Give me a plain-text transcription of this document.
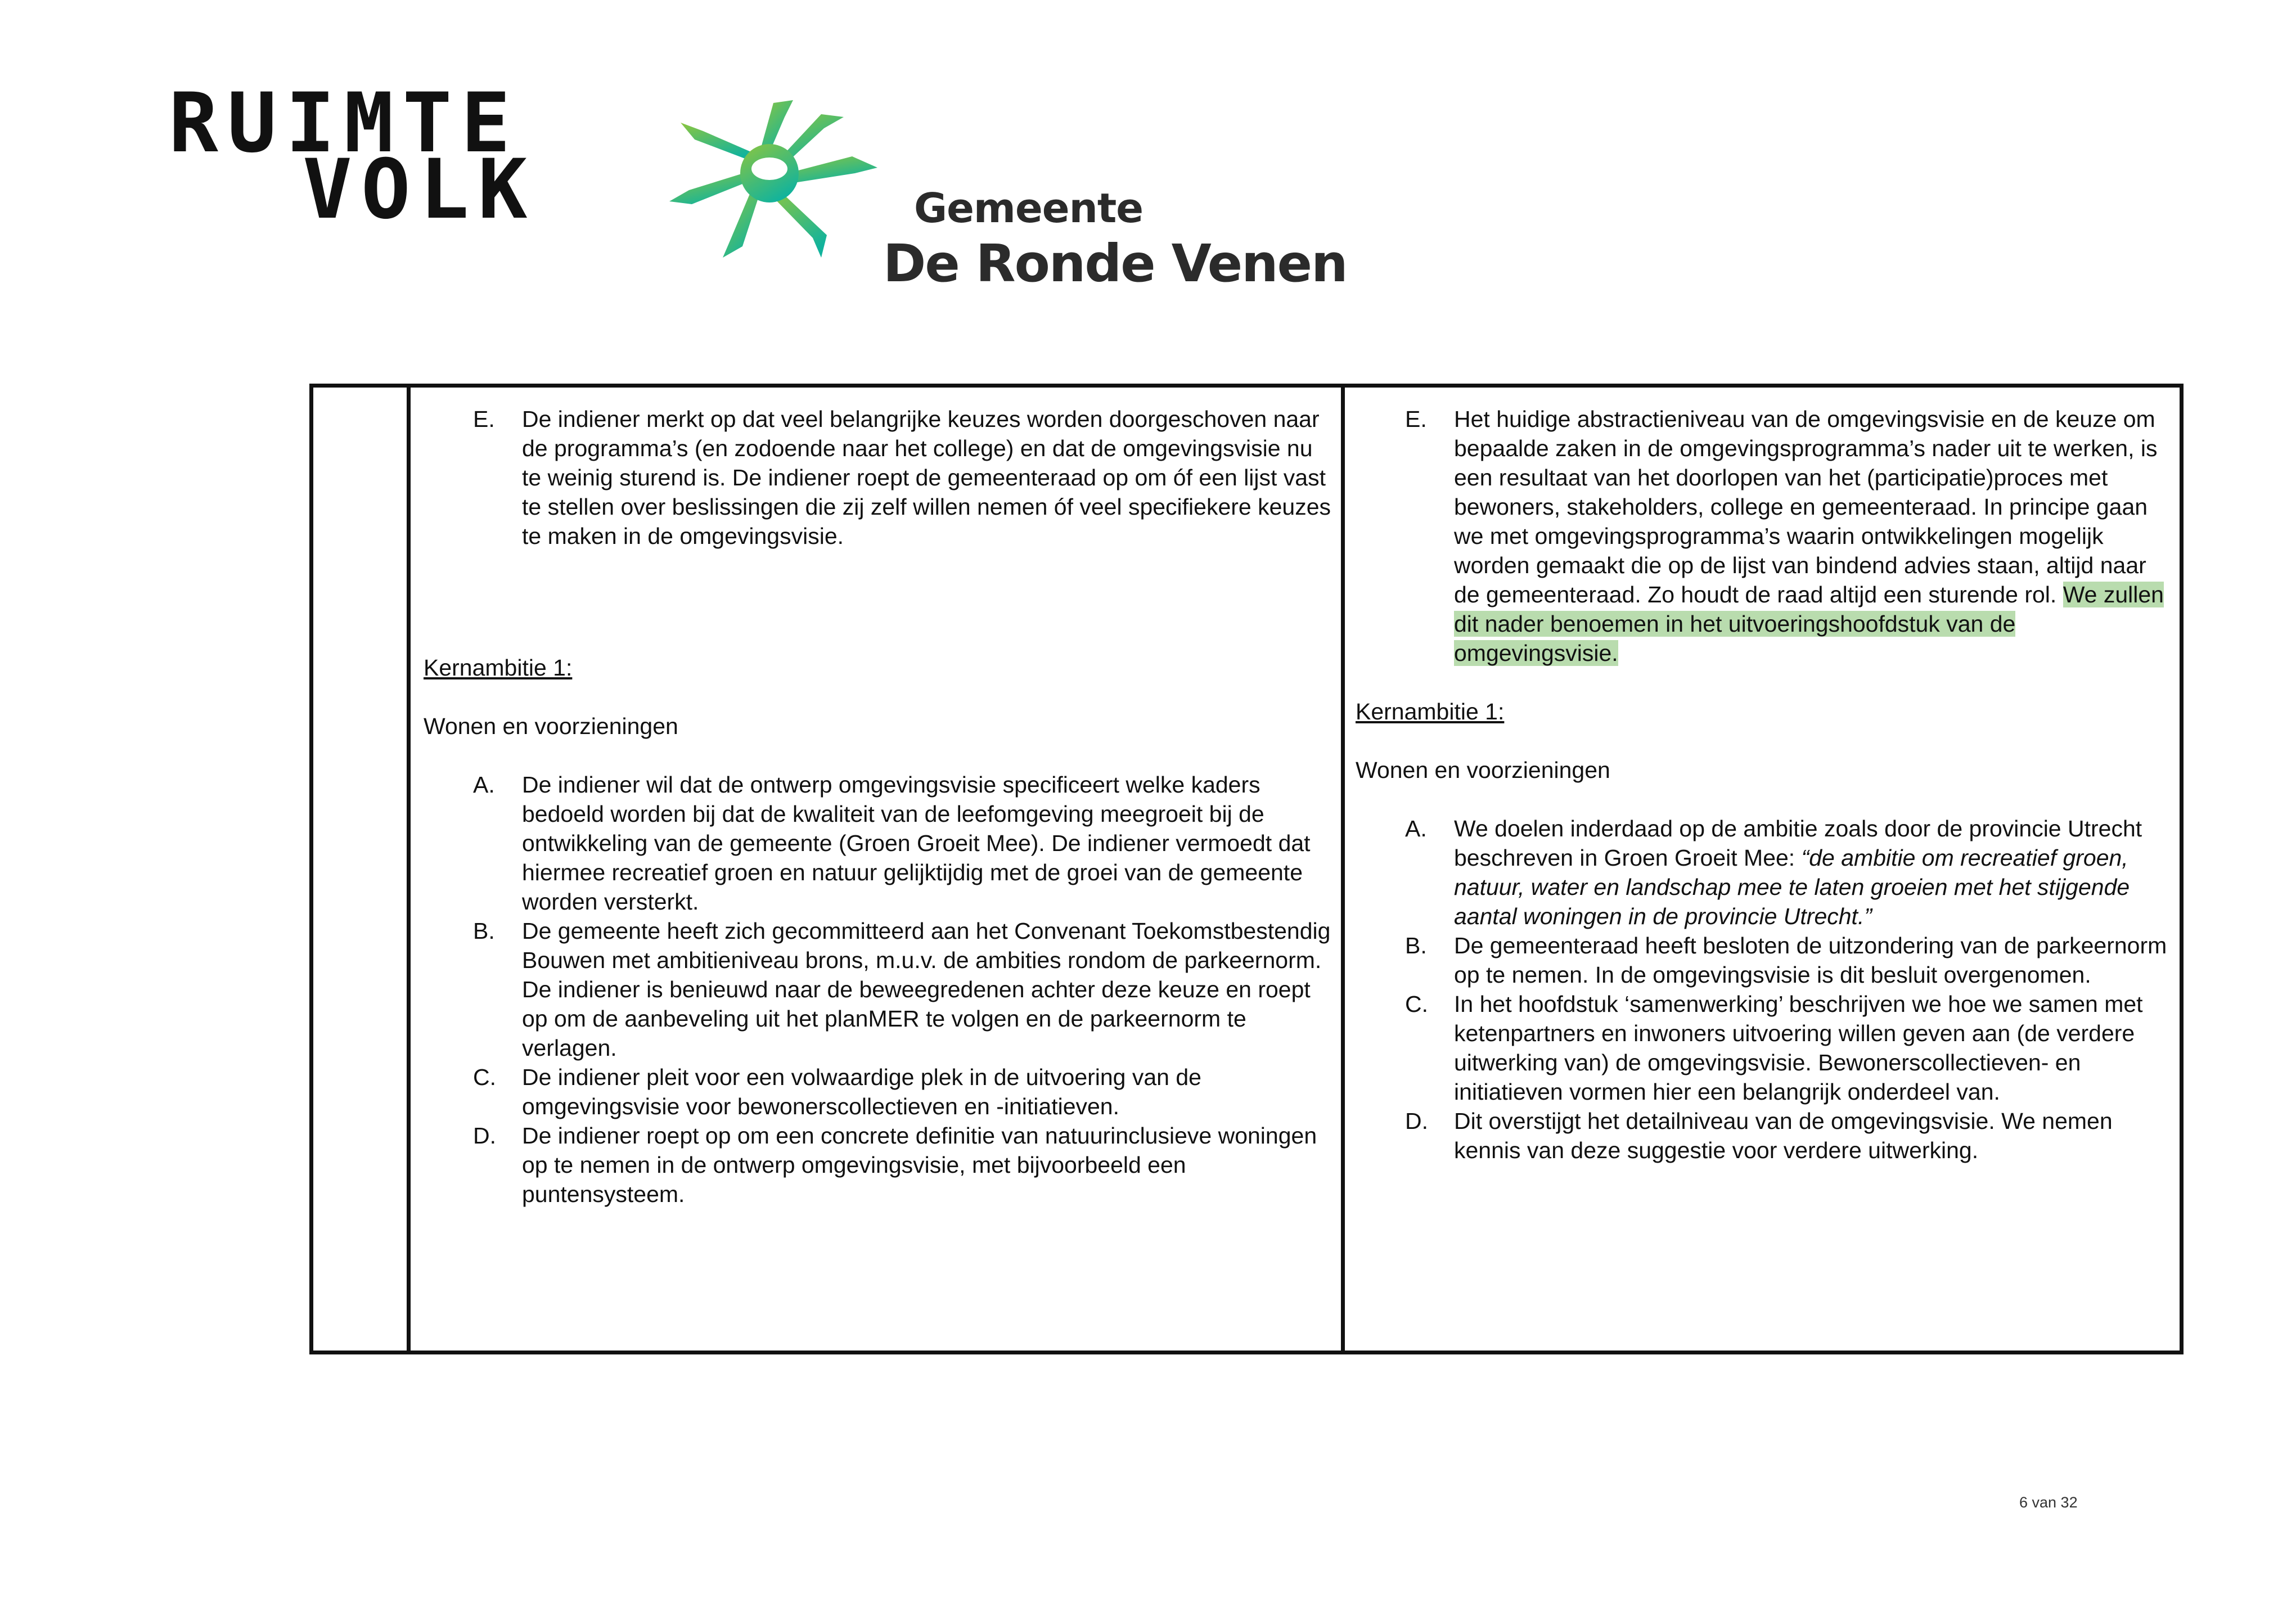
RUIMTE
VOLK	Gemeente
De Ronde Venen
E. De indiener merkt op dat veel belangrijke keuzes worden doorgeschoven naar de programma’s (en zodoende naar het college) en dat de omgevingsvisie nu te weinig sturend is. De indiener roept de gemeenteraad op om óf een lijst vast te stellen over beslissingen die zij zelf willen nemen óf veel specifiekere keuzes te maken in de omgevingsvisie.
Kernambitie 1:
Wonen en voorzieningen
A. De indiener wil dat de ontwerp omgevingsvisie specificeert welke kaders bedoeld worden bij dat de kwaliteit van de leefomgeving meegroeit bij de ontwikkeling van de gemeente (Groen Groeit Mee). De indiener vermoedt dat hiermee recreatief groen en natuur gelijktijdig met de groei van de gemeente worden versterkt.
B. De gemeente heeft zich gecommitteerd aan het Convenant Toekomstbestendig Bouwen met ambitieniveau brons, m.u.v. de ambities rondom de parkeernorm. De indiener is benieuwd naar de beweegredenen achter deze keuze en roept op om de aanbeveling uit het planMER te volgen en de parkeernorm te verlagen.
C. De indiener pleit voor een volwaardige plek in de uitvoering van de omgevingsvisie voor bewonerscollectieven en -initiatieven.
D. De indiener roept op om een concrete definitie van natuurinclusieve woningen op te nemen in de ontwerp omgevingsvisie, met bijvoorbeeld een puntensysteem.
E. Het huidige abstractieniveau van de omgevingsvisie en de keuze om bepaalde zaken in de omgevingsprogramma’s nader uit te werken, is een resultaat van het doorlopen van het (participatie)proces met bewoners, stakeholders, college en gemeenteraad. In principe gaan we met omgevingsprogramma’s waarin ontwikkelingen mogelijk worden gemaakt die op de lijst van bindend advies staan, altijd naar de gemeenteraad. Zo houdt de raad altijd een sturende rol. We zullen dit nader benoemen in het uitvoeringshoofdstuk van de omgevingsvisie.
Kernambitie 1:
Wonen en voorzieningen
A. We doelen inderdaad op de ambitie zoals door de provincie Utrecht beschreven in Groen Groeit Mee: “de ambitie om recreatief groen, natuur, water en landschap mee te laten groeien met het stijgende aantal woningen in de provincie Utrecht.”
B. De gemeenteraad heeft besloten de uitzondering van de parkeernorm op te nemen. In de omgevingsvisie is dit besluit overgenomen.
C. In het hoofdstuk ‘samenwerking’ beschrijven we hoe we samen met ketenpartners en inwoners uitvoering willen geven aan (de verdere uitwerking van) de omgevingsvisie. Bewonerscollectieven- en initiatieven vormen hier een belangrijk onderdeel van.
D. Dit overstijgt het detailniveau van de omgevingsvisie. We nemen kennis van deze suggestie voor verdere uitwerking.
6 van 32
